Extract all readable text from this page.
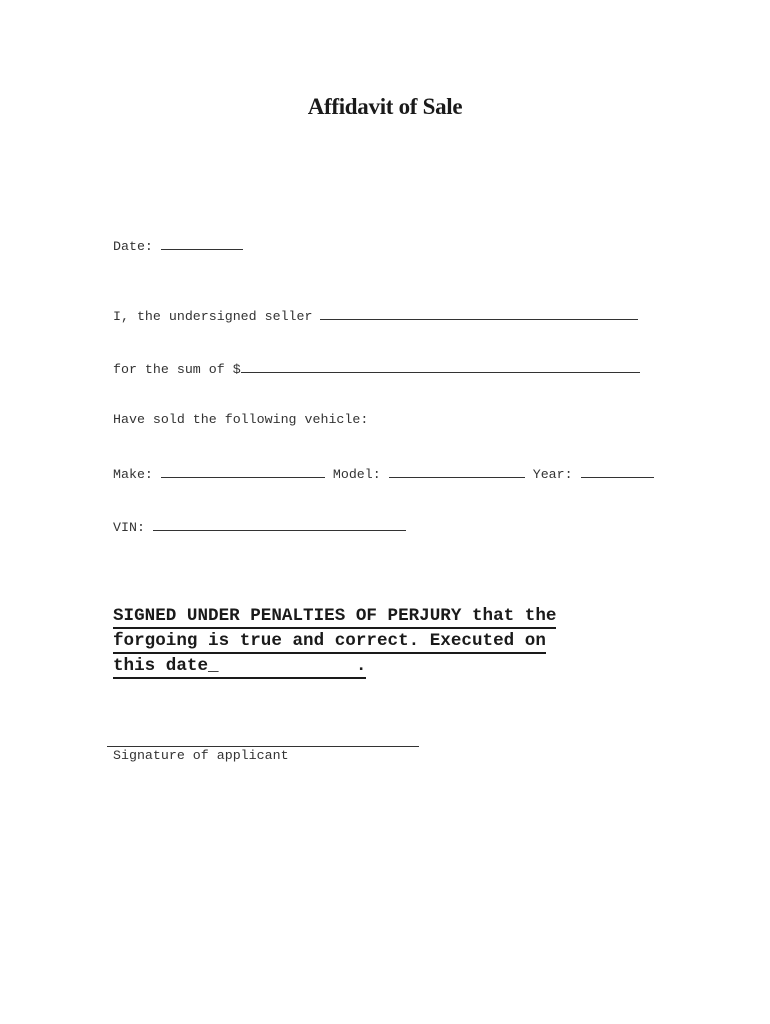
Affidavit of Sale
Date:
I, the undersigned seller
for the sum of $
Have sold the following vehicle:
Make:	Model:	Year:
VIN:
SIGNED UNDER PENALTIES OF PERJURY that the
forgoing is true and correct. Executed on
this date_	.
Signature of applicant
